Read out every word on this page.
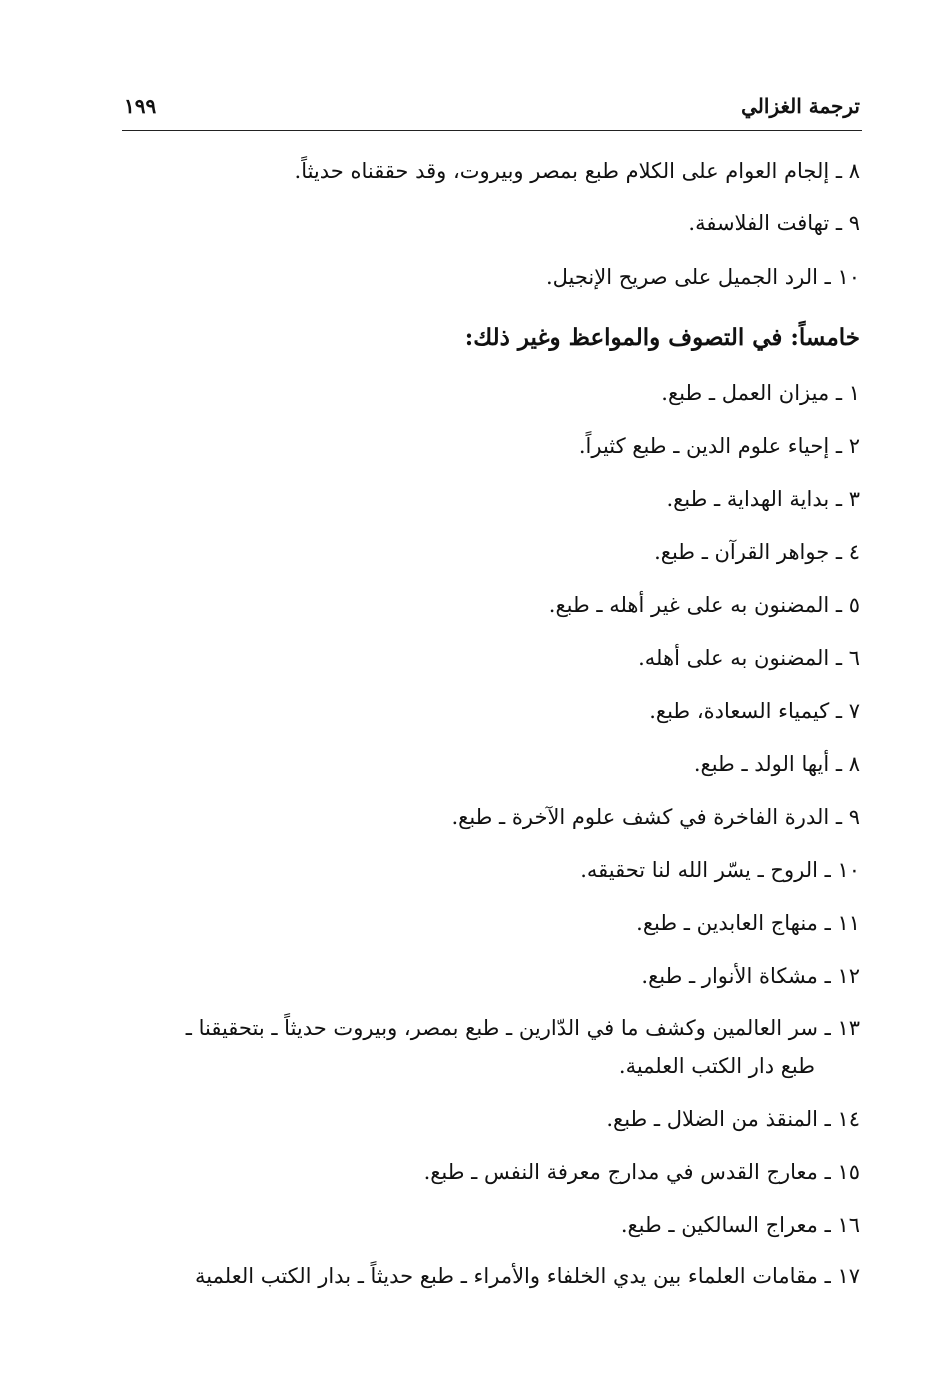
ترجمة الغزالي
١٩٩
٨ ـ إلجام العوام على الكلام طبع بمصر وبيروت، وقد حققناه حديثاً.
٩ ـ تهافت الفلاسفة.
١٠ ـ الرد الجميل على صريح الإنجيل.
خامساً: في التصوف والمواعظ وغير ذلك:
١ ـ ميزان العمل ـ طبع.
٢ ـ إحياء علوم الدين ـ طبع كثيراً.
٣ ـ بداية الهداية ـ طبع.
٤ ـ جواهر القرآن ـ طبع.
٥ ـ المضنون به على غير أهله ـ طبع.
٦ ـ المضنون به على أهله.
٧ ـ كيمياء السعادة، طبع.
٨ ـ أيها الولد ـ طبع.
٩ ـ الدرة الفاخرة في كشف علوم الآخرة ـ طبع.
١٠ ـ الروح ـ يسّر الله لنا تحقيقه.
١١ ـ منهاج العابدين ـ طبع.
١٢ ـ مشكاة الأنوار ـ طبع.
١٣ ـ سر العالمين وكشف ما في الدّارين ـ طبع بمصر، وبيروت حديثاً ـ بتحقيقنا ـ
طبع دار الكتب العلمية.
١٤ ـ المنقذ من الضلال ـ طبع.
١٥ ـ معارج القدس في مدارج معرفة النفس ـ طبع.
١٦ ـ معراج السالكين ـ طبع.
١٧ ـ مقامات العلماء بين يدي الخلفاء والأمراء ـ طبع حديثاً ـ بدار الكتب العلمية
